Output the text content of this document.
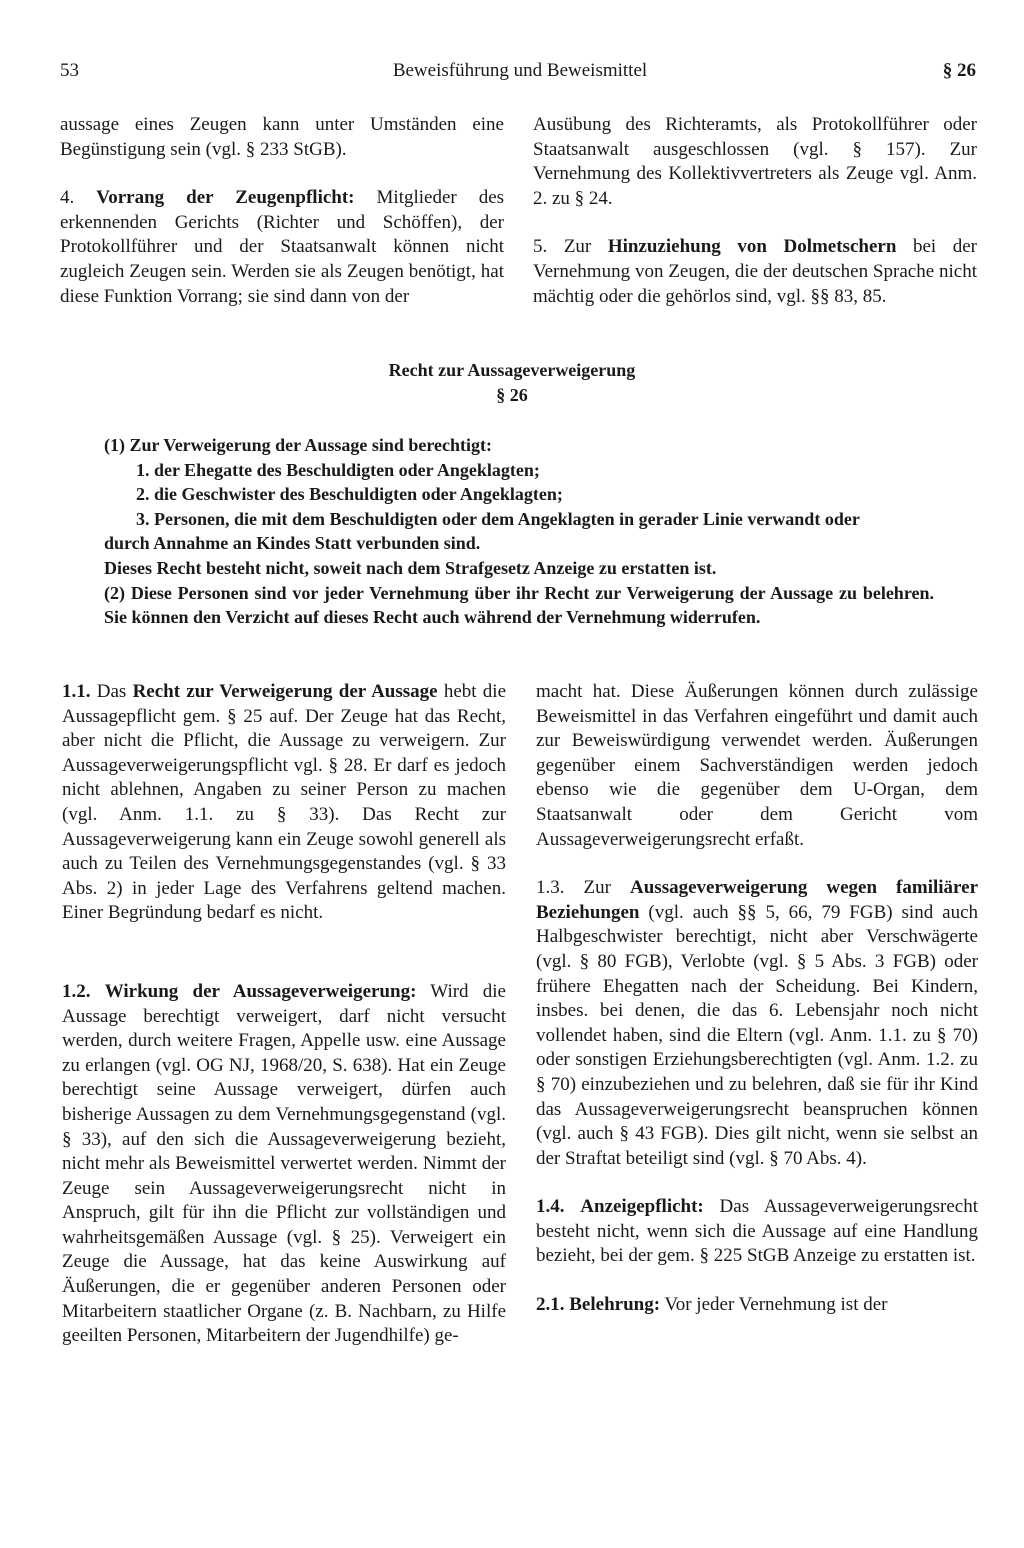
53	Beweisführung und Beweismittel	§ 26

aussage eines Zeugen kann unter Umständen eine Begünstigung sein (vgl. § 233 StGB).

4. Vorrang der Zeugenpflicht: Mitglieder des erkennenden Gerichts (Richter und Schöffen), der Protokollführer und der Staatsanwalt können nicht zugleich Zeugen sein. Werden sie als Zeugen benötigt, hat diese Funktion Vorrang; sie sind dann von der

Ausübung des Richteramts, als Protokollführer oder Staatsanwalt ausgeschlossen (vgl. § 157). Zur Vernehmung des Kollektivvertreters als Zeuge vgl. Anm. 2. zu § 24.

5. Zur Hinzuziehung von Dolmetschern bei der Vernehmung von Zeugen, die der deutschen Sprache nicht mächtig oder die gehörlos sind, vgl. §§ 83, 85.

Recht zur Aussageverweigerung
§ 26

(1) Zur Verweigerung der Aussage sind berechtigt:

1. der Ehegatte des Beschuldigten oder Angeklagten;

2. die Geschwister des Beschuldigten oder Angeklagten;

3. Personen, die mit dem Beschuldigten oder dem Angeklagten in gerader Linie verwandt oder

durch Annahme an Kindes Statt verbunden sind.

Dieses Recht besteht nicht, soweit nach dem Strafgesetz Anzeige zu erstatten ist.

(2) Diese Personen sind vor jeder Vernehmung über ihr Recht zur Verweigerung der Aussage zu belehren. Sie können den Verzicht auf dieses Recht auch während der Vernehmung widerrufen.

1.1. Das Recht zur Verweigerung der Aussage hebt die Aussagepflicht gem. § 25 auf. Der Zeuge hat das Recht, aber nicht die Pflicht, die Aussage zu verweigern. Zur Aussageverweigerungspflicht vgl. § 28. Er darf es jedoch nicht ablehnen, Angaben zu seiner Person zu machen (vgl. Anm. 1.1. zu § 33). Das Recht zur Aussageverweigerung kann ein Zeuge sowohl generell als auch zu Teilen des Vernehmungsgegenstandes (vgl. § 33 Abs. 2) in jeder Lage des Verfahrens geltend machen. Einer Begründung bedarf es nicht.

1.2. Wirkung der Aussageverweigerung: Wird die Aussage berechtigt verweigert, darf nicht versucht werden, durch weitere Fragen, Appelle usw. eine Aussage zu erlangen (vgl. OG NJ, 1968/20, S. 638). Hat ein Zeuge berechtigt seine Aussage verweigert, dürfen auch bisherige Aussagen zu dem Vernehmungsgegenstand (vgl. § 33), auf den sich die Aussageverweigerung bezieht, nicht mehr als Beweismittel verwertet werden. Nimmt der Zeuge sein Aussageverweigerungsrecht nicht in Anspruch, gilt für ihn die Pflicht zur vollständigen und wahrheitsgemäßen Aussage (vgl. § 25). Verweigert ein Zeuge die Aussage, hat das keine Auswirkung auf Äußerungen, die er gegenüber anderen Personen oder Mitarbeitern staatlicher Organe (z. B. Nachbarn, zu Hilfe geeilten Personen, Mitarbeitern der Jugendhilfe) ge-

macht hat. Diese Äußerungen können durch zulässige Beweismittel in das Verfahren eingeführt und damit auch zur Beweiswürdigung verwendet werden. Äußerungen gegenüber einem Sachverständigen werden jedoch ebenso wie die gegenüber dem U-Organ, dem Staatsanwalt oder dem Gericht vom Aussageverweigerungsrecht erfaßt.

1.3. Zur Aussageverweigerung wegen familiärer Beziehungen (vgl. auch §§ 5, 66, 79 FGB) sind auch Halbgeschwister berechtigt, nicht aber Verschwägerte (vgl. § 80 FGB), Verlobte (vgl. § 5 Abs. 3 FGB) oder frühere Ehegatten nach der Scheidung. Bei Kindern, insbes. bei denen, die das 6. Lebensjahr noch nicht vollendet haben, sind die Eltern (vgl. Anm. 1.1. zu § 70) oder sonstigen Erziehungsberechtigten (vgl. Anm. 1.2. zu § 70) einzubeziehen und zu belehren, daß sie für ihr Kind das Aussageverweigerungsrecht beanspruchen können (vgl. auch § 43 FGB). Dies gilt nicht, wenn sie selbst an der Straftat beteiligt sind (vgl. § 70 Abs. 4).

1.4. Anzeigepflicht: Das Aussageverweigerungsrecht besteht nicht, wenn sich die Aussage auf eine Handlung bezieht, bei der gem. § 225 StGB Anzeige zu erstatten ist.

2.1. Belehrung: Vor jeder Vernehmung ist der
